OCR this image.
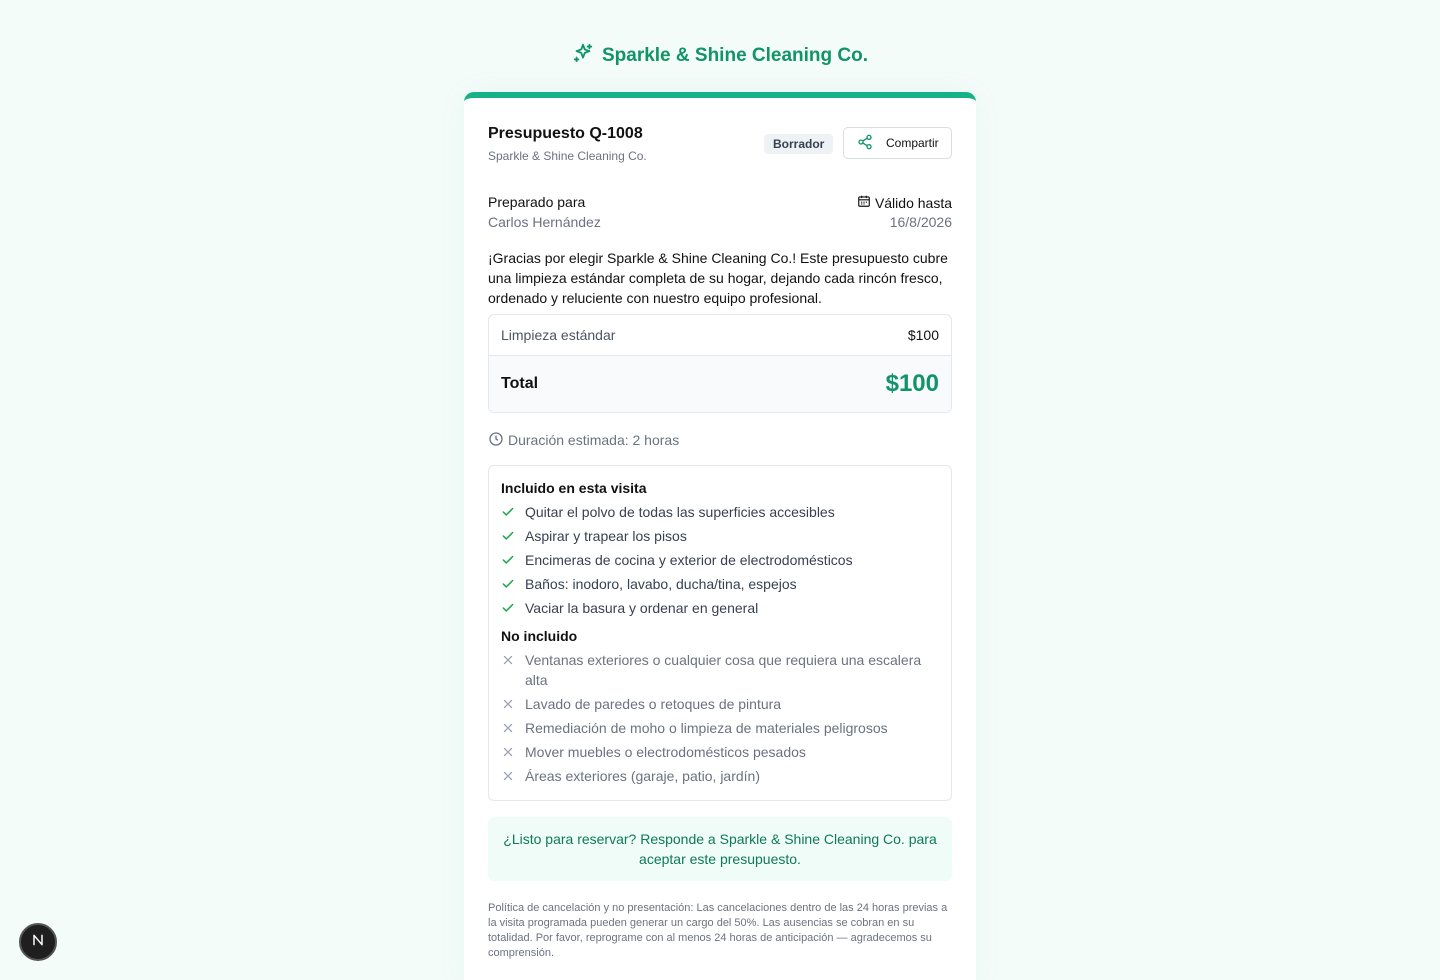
Sparkle & Shine Cleaning Co.
Presupuesto Q-1008
Sparkle & Shine Cleaning Co.
Borrador	Compartir
Preparado para
Carlos Hernández
Válido hasta
16/8/2026
¡Gracias por elegir Sparkle & Shine Cleaning Co.! Este presupuesto cubre una limpieza estándar completa de su hogar, dejando cada rincón fresco, ordenado y reluciente con nuestro equipo profesional.
Limpieza estándar	$100
Total	$100
Duración estimada: 2 horas
Incluido en esta visita
Quitar el polvo de todas las superficies accesibles
Aspirar y trapear los pisos
Encimeras de cocina y exterior de electrodomésticos
Baños: inodoro, lavabo, ducha/tina, espejos
Vaciar la basura y ordenar en general
No incluido
Ventanas exteriores o cualquier cosa que requiera una escalera alta
Lavado de paredes o retoques de pintura
Remediación de moho o limpieza de materiales peligrosos
Mover muebles o electrodomésticos pesados
Áreas exteriores (garaje, patio, jardín)
¿Listo para reservar? Responde a Sparkle & Shine Cleaning Co. para aceptar este presupuesto.
Política de cancelación y no presentación: Las cancelaciones dentro de las 24 horas previas a la visita programada pueden generar un cargo del 50%. Las ausencias se cobran en su totalidad. Por favor, reprograme con al menos 24 horas de anticipación — agradecemos su comprensión.
